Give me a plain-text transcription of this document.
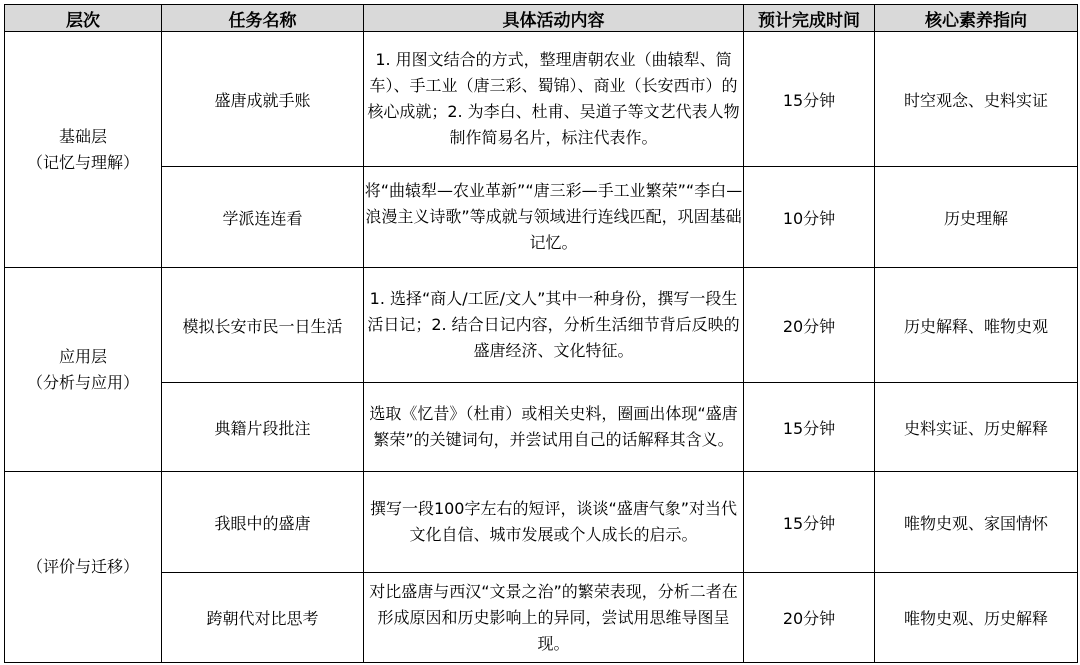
层次	任务名称	具体活动内容	预计完成时间	核心素养指向

基础层
（记忆与理解）	盛唐成就手账	1. 用图文结合的方式，整理唐朝农业（曲辕犁、筒车）、手工业（唐三彩、蜀锦）、商业（长安西市）的核心成就；2. 为李白、杜甫、吴道子等文艺代表人物制作简易名片，标注代表作。	15分钟	时空观念、史料实证
	学派连连看	将“曲辕犁—农业革新”“唐三彩—手工业繁荣”“李白—浪漫主义诗歌”等成就与领域进行连线匹配，巩固基础记忆。	10分钟	历史理解

应用层
（分析与应用）	模拟长安市民一日生活	1. 选择“商人/工匠/文人”其中一种身份，撰写一段生活日记；2. 结合日记内容，分析生活细节背后反映的盛唐经济、文化特征。	20分钟	历史解释、唯物史观
	典籍片段批注	选取《忆昔》（杜甫）或相关史料，圈画出体现“盛唐繁荣”的关键词句，并尝试用自己的话解释其含义。	15分钟	史料实证、历史解释

（评价与迁移）	我眼中的盛唐	撰写一段100字左右的短评，谈谈“盛唐气象”对当代文化自信、城市发展或个人成长的启示。	15分钟	唯物史观、家国情怀
	跨朝代对比思考	对比盛唐与西汉“文景之治”的繁荣表现，分析二者在形成原因和历史影响上的异同，尝试用思维导图呈现。	20分钟	唯物史观、历史解释
